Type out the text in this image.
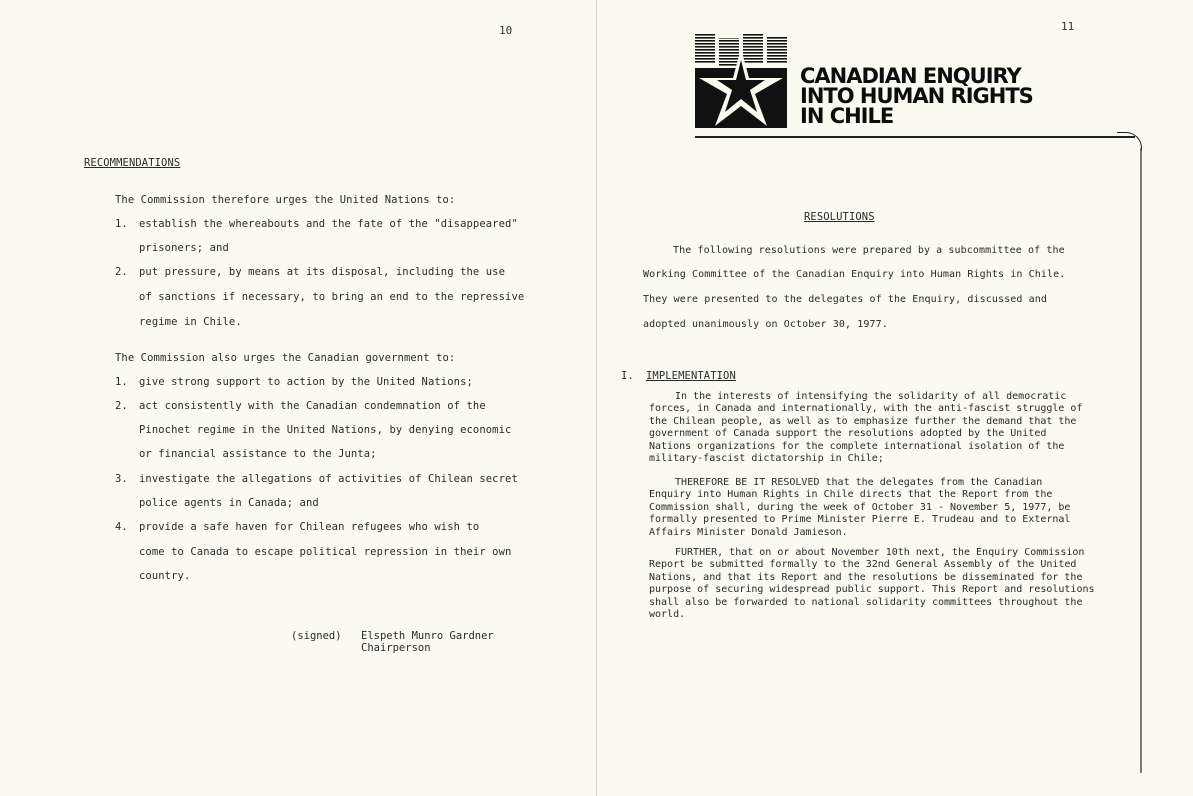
10
RECOMMENDATIONS
The Commission therefore urges the United Nations to:
1. establish the whereabouts and the fate of the "disappeared"
prisoners; and
2. put pressure, by means at its disposal, including the use
of sanctions if necessary, to bring an end to the repressive
regime in Chile.
The Commission also urges the Canadian government to:
1. give strong support to action by the United Nations;
2. act consistently with the Canadian condemnation of the
Pinochet regime in the United Nations, by denying economic
or financial assistance to the Junta;
3. investigate the allegations of activities of Chilean secret
police agents in Canada; and
4. provide a safe haven for Chilean refugees who wish to
come to Canada to escape political repression in their own
country.
(signed) Elspeth Munro Gardner
Chairperson
11
CANADIAN ENQUIRY
INTO HUMAN RIGHTS
IN CHILE
RESOLUTIONS
The following resolutions were prepared by a subcommittee of the
Working Committee of the Canadian Enquiry into Human Rights in Chile.
They were presented to the delegates of the Enquiry, discussed and
adopted unanimously on October 30, 1977.
I. IMPLEMENTATION
In the interests of intensifying the solidarity of all democratic
forces, in Canada and internationally, with the anti-fascist struggle of
the Chilean people, as well as to emphasize further the demand that the
government of Canada support the resolutions adopted by the United
Nations organizations for the complete international isolation of the
military-fascist dictatorship in Chile;
THEREFORE BE IT RESOLVED that the delegates from the Canadian
Enquiry into Human Rights in Chile directs that the Report from the
Commission shall, during the week of October 31 - November 5, 1977, be
formally presented to Prime Minister Pierre E. Trudeau and to External
Affairs Minister Donald Jamieson.
FURTHER, that on or about November 10th next, the Enquiry Commission
Report be submitted formally to the 32nd General Assembly of the United
Nations, and that its Report and the resolutions be disseminated for the
purpose of securing widespread public support. This Report and resolutions
shall also be forwarded to national solidarity committees throughout the
world.
